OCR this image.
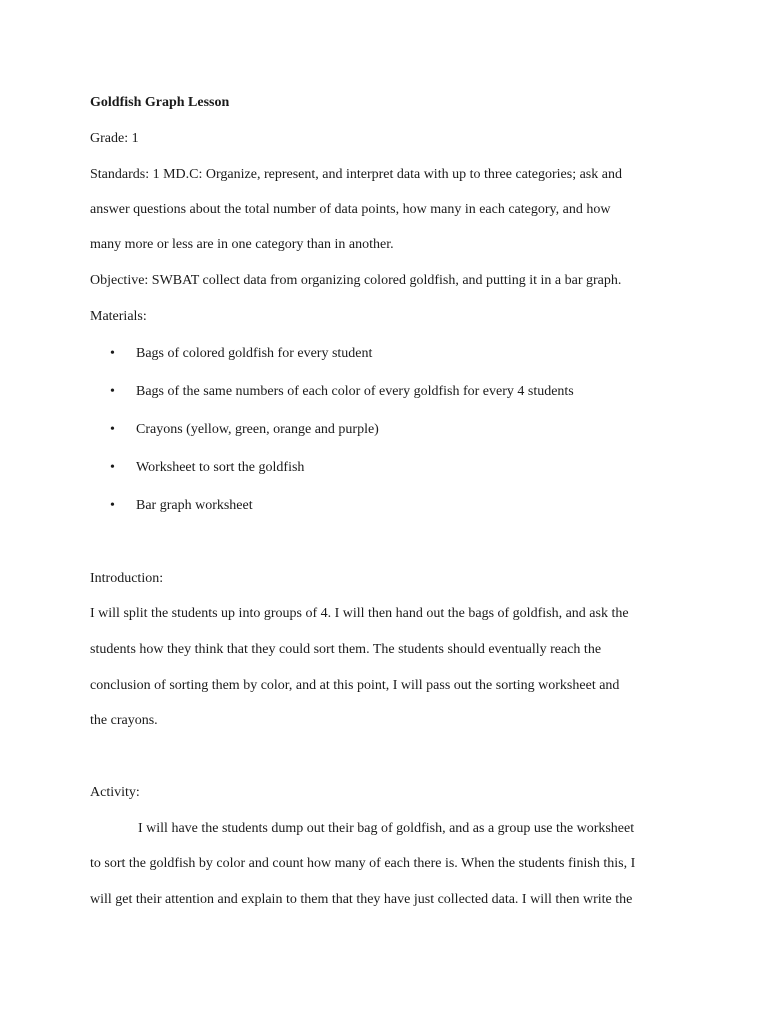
Goldfish Graph Lesson
Grade: 1
Standards: 1 MD.C: Organize, represent, and interpret data with up to three categories; ask and
answer questions about the total number of data points, how many in each category, and how
many more or less are in one category than in another.
Objective: SWBAT collect data from organizing colored goldfish, and putting it in a bar graph.
Materials:
• Bags of colored goldfish for every student
• Bags of the same numbers of each color of every goldfish for every 4 students
• Crayons (yellow, green, orange and purple)
• Worksheet to sort the goldfish
• Bar graph worksheet
Introduction:
I will split the students up into groups of 4. I will then hand out the bags of goldfish, and ask the
students how they think that they could sort them. The students should eventually reach the
conclusion of sorting them by color, and at this point, I will pass out the sorting worksheet and
the crayons.
Activity:
I will have the students dump out their bag of goldfish, and as a group use the worksheet
to sort the goldfish by color and count how many of each there is. When the students finish this, I
will get their attention and explain to them that they have just collected data. I will then write the
